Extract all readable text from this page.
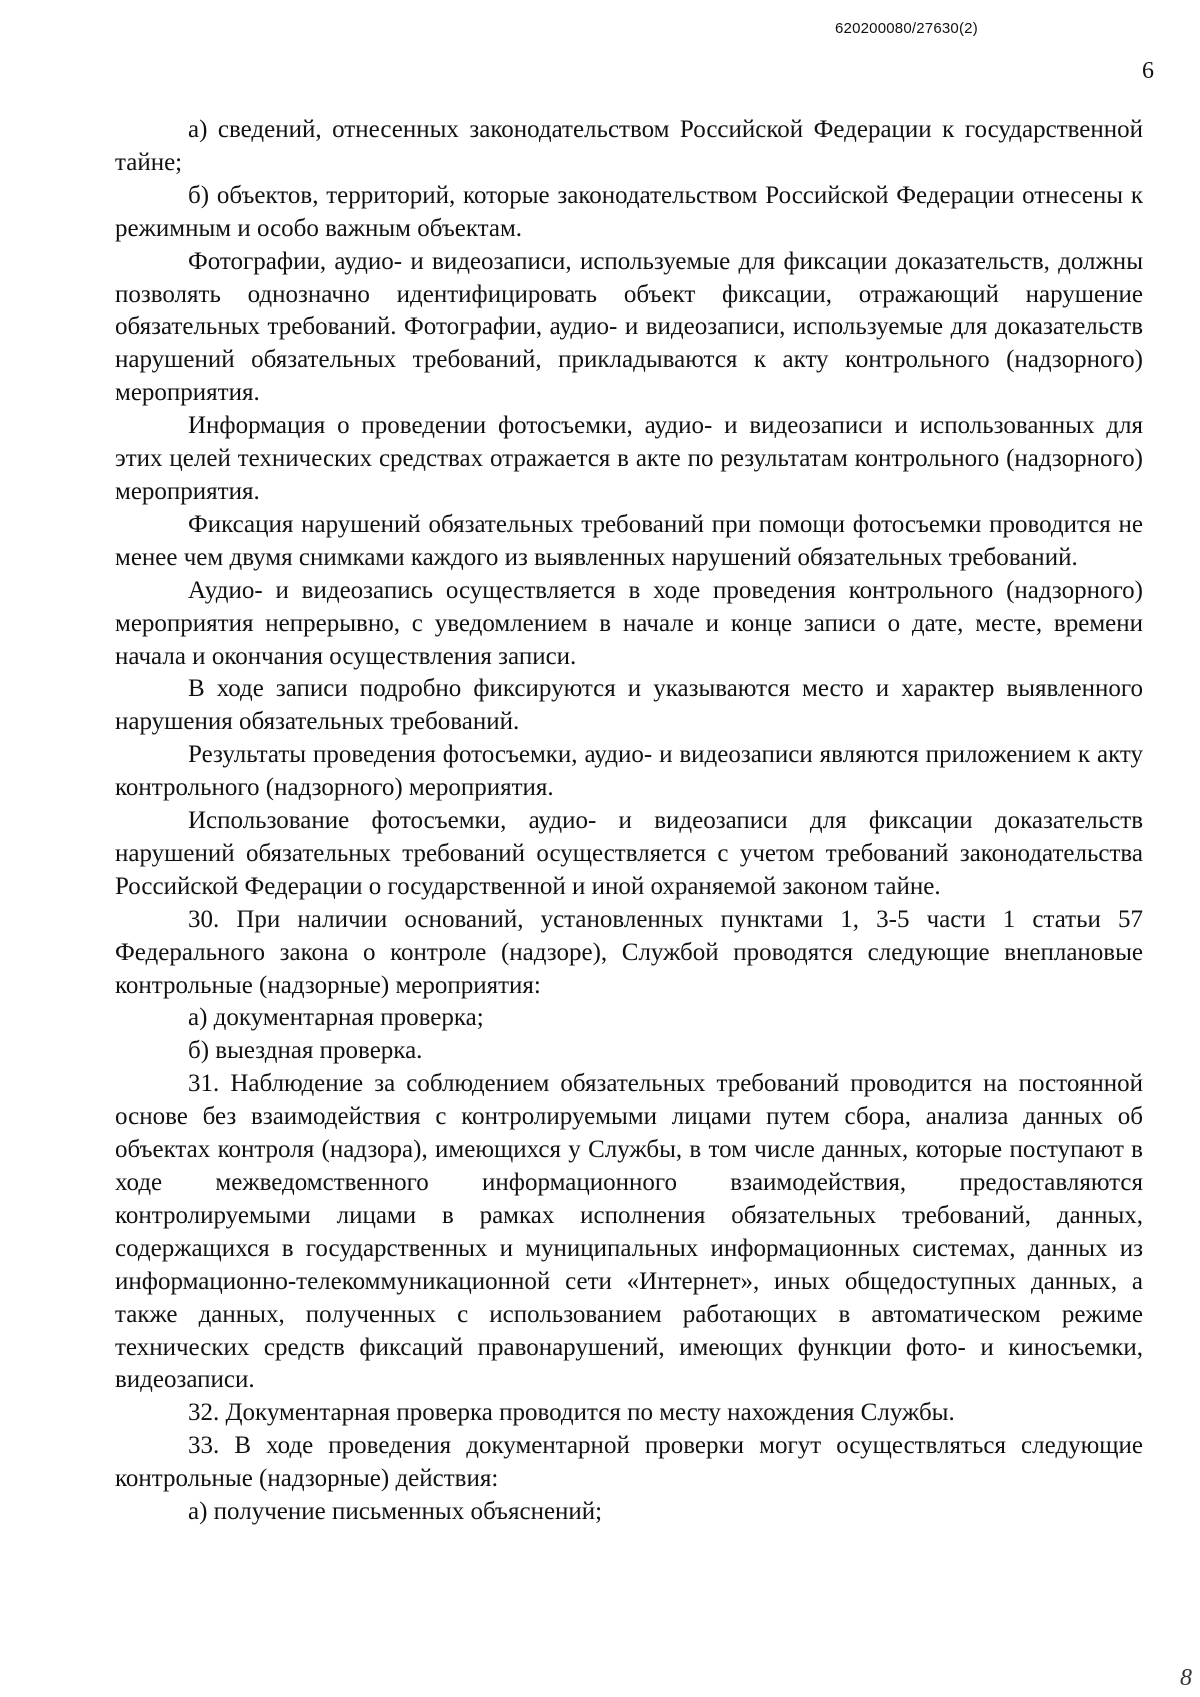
620200080/27630(2)
6

а) сведений, отнесенных законодательством Российской Федерации к государственной тайне;

б) объектов, территорий, которые законодательством Российской Федерации отнесены к режимным и особо важным объектам.

Фотографии, аудио- и видеозаписи, используемые для фиксации доказательств, должны позволять однозначно идентифицировать объект фиксации, отражающий нарушение обязательных требований. Фотографии, аудио- и видеозаписи, используемые для доказательств нарушений обязательных требований, прикладываются к акту контрольного (надзорного) мероприятия.

Информация о проведении фотосъемки, аудио- и видеозаписи и использованных для этих целей технических средствах отражается в акте по результатам контрольного (надзорного) мероприятия.

Фиксация нарушений обязательных требований при помощи фотосъемки проводится не менее чем двумя снимками каждого из выявленных нарушений обязательных требований.

Аудио- и видеозапись осуществляется в ходе проведения контрольного (надзорного) мероприятия непрерывно, с уведомлением в начале и конце записи о дате, месте, времени начала и окончания осуществления записи.

В ходе записи подробно фиксируются и указываются место и характер выявленного нарушения обязательных требований.

Результаты проведения фотосъемки, аудио- и видеозаписи являются приложением к акту контрольного (надзорного) мероприятия.

Использование фотосъемки, аудио- и видеозаписи для фиксации доказательств нарушений обязательных требований осуществляется с учетом требований законодательства Российской Федерации о государственной и иной охраняемой законом тайне.

30. При наличии оснований, установленных пунктами 1, 3-5 части 1 статьи 57 Федерального закона о контроле (надзоре), Службой проводятся следующие внеплановые контрольные (надзорные) мероприятия:

а) документарная проверка;

б) выездная проверка.

31. Наблюдение за соблюдением обязательных требований проводится на постоянной основе без взаимодействия с контролируемыми лицами путем сбора, анализа данных об объектах контроля (надзора), имеющихся у Службы, в том числе данных, которые поступают в ходе межведомственного информационного взаимодействия, предоставляются контролируемыми лицами в рамках исполнения обязательных требований, данных, содержащихся в государственных и муниципальных информационных системах, данных из информационно-телекоммуникационной сети «Интернет», иных общедоступных данных, а также данных, полученных с использованием работающих в автоматическом режиме технических средств фиксаций правонарушений, имеющих функции фото- и киносъемки, видеозаписи.

32. Документарная проверка проводится по месту нахождения Службы.

33. В ходе проведения документарной проверки могут осуществляться следующие контрольные (надзорные) действия:

а) получение письменных объяснений;

8
